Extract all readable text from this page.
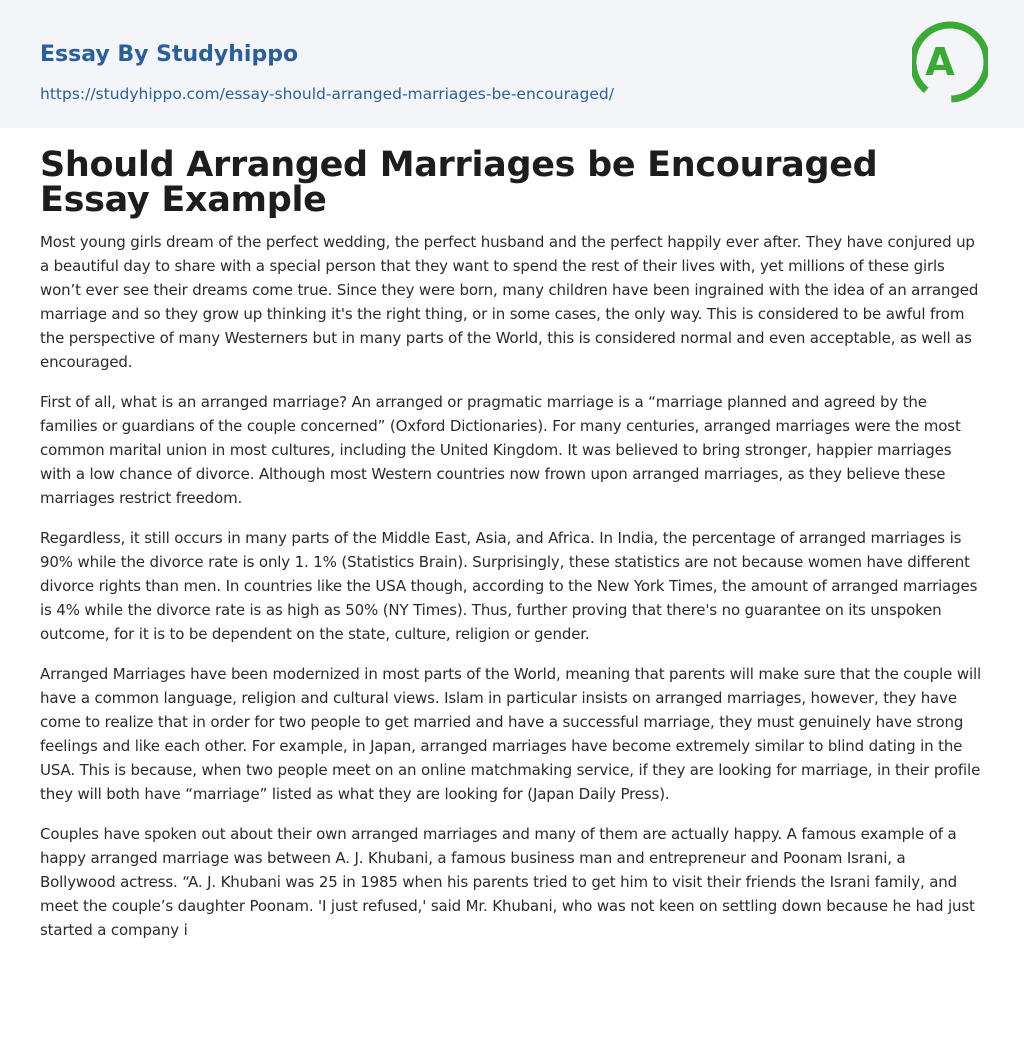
Essay By Studyhippo
https://studyhippo.com/essay-should-arranged-marriages-be-encouraged/
A
Should Arranged Marriages be Encouraged Essay Example

Most young girls dream of the perfect wedding, the perfect husband and the perfect happily ever after. They have conjured up a beautiful day to share with a special person that they want to spend the rest of their lives with, yet millions of these girls won’t ever see their dreams come true. Since they were born, many children have been ingrained with the idea of an arranged marriage and so they grow up thinking it's the right thing, or in some cases, the only way. This is considered to be awful from the perspective of many Westerners but in many parts of the World, this is considered normal and even acceptable, as well as encouraged.

First of all, what is an arranged marriage? An arranged or pragmatic marriage is a “marriage planned and agreed by the families or guardians of the couple concerned” (Oxford Dictionaries). For many centuries, arranged marriages were the most common marital union in most cultures, including the United Kingdom. It was believed to bring stronger, happier marriages with a low chance of divorce. Although most Western countries now frown upon arranged marriages, as they believe these marriages restrict freedom.

Regardless, it still occurs in many parts of the Middle East, Asia, and Africa. In India, the percentage of arranged marriages is 90% while the divorce rate is only 1. 1% (Statistics Brain). Surprisingly, these statistics are not because women have different divorce rights than men. In countries like the USA though, according to the New York Times, the amount of arranged marriages is 4% while the divorce rate is as high as 50% (NY Times). Thus, further proving that there's no guarantee on its unspoken outcome, for it is to be dependent on the state, culture, religion or gender.

Arranged Marriages have been modernized in most parts of the World, meaning that parents will make sure that the couple will have a common language, religion and cultural views. Islam in particular insists on arranged marriages, however, they have come to realize that in order for two people to get married and have a successful marriage, they must genuinely have strong feelings and like each other. For example, in Japan, arranged marriages have become extremely similar to blind dating in the USA. This is because, when two people meet on an online matchmaking service, if they are looking for marriage, in their profile they will both have “marriage” listed as what they are looking for (Japan Daily Press).

Couples have spoken out about their own arranged marriages and many of them are actually happy. A famous example of a happy arranged marriage was between A. J. Khubani, a famous business man and entrepreneur and Poonam Israni, a Bollywood actress. “A. J. Khubani was 25 in 1985 when his parents tried to get him to visit their friends the Israni family, and meet the couple’s daughter Poonam. 'I just refused,' said Mr. Khubani, who was not keen on settling down because he had just started a company i
